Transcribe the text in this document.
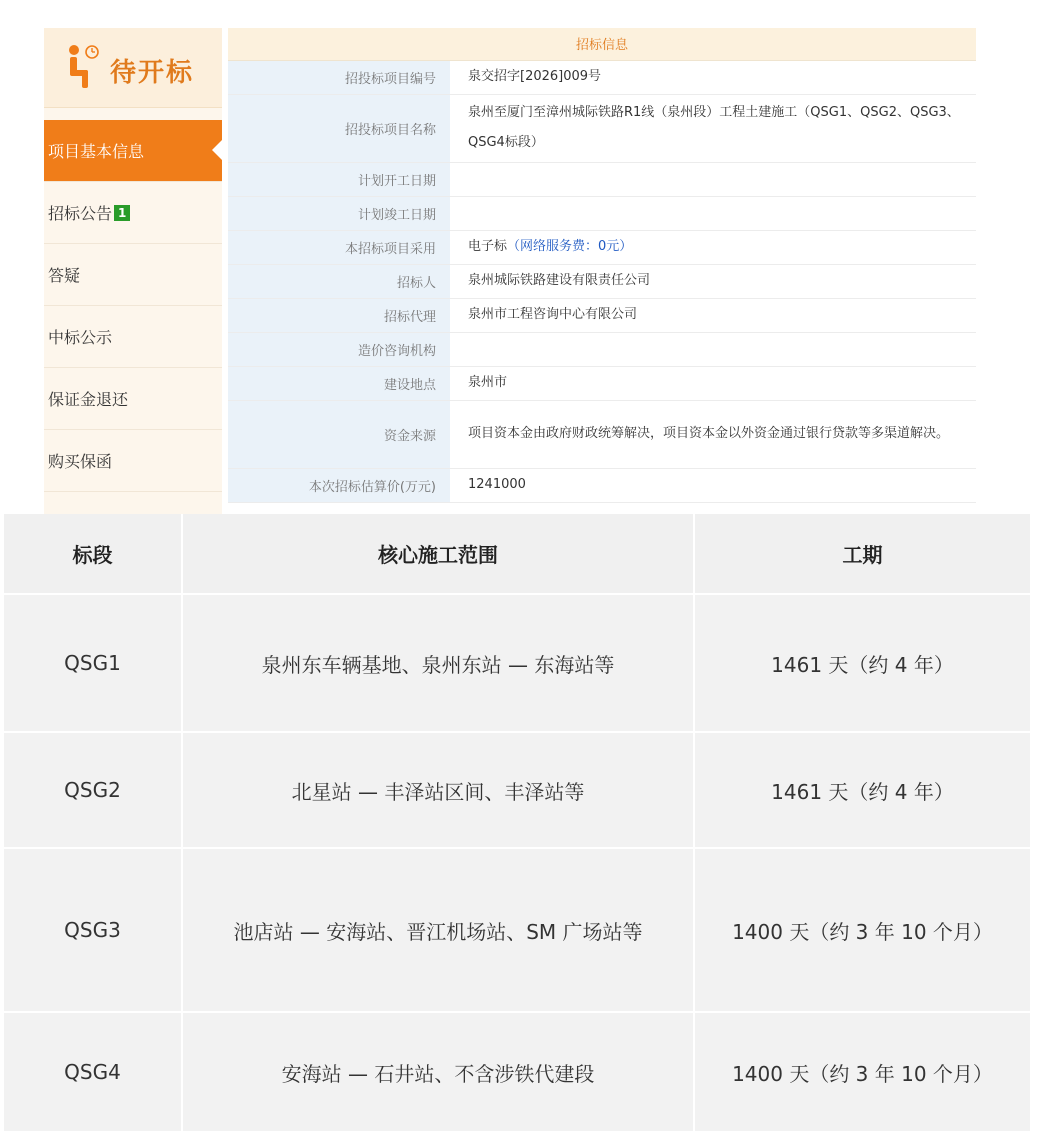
待开标
项目基本信息
招标公告 1
答疑
中标公示
保证金退还
购买保函
招标信息	
招投标项目编号	泉交招字[2026]009号
招投标项目名称	泉州至厦门至漳州城际铁路R1线（泉州段）工程土建施工（QSG1、QSG2、QSG3、QSG4标段）
计划开工日期	
计划竣工日期	
本招标项目采用	电子标（网络服务费：0元）
招标人	泉州城际铁路建设有限责任公司
招标代理	泉州市工程咨询中心有限公司
造价咨询机构	
建设地点	泉州市
资金来源	项目资本金由政府财政统筹解决，项目资本金以外资金通过银行贷款等多渠道解决。
本次招标估算价(万元)	1241000
标段	核心施工范围	工期
QSG1	泉州东车辆基地、泉州东站 — 东海站等	1461 天（约 4 年）
QSG2	北星站 — 丰泽站区间、丰泽站等	1461 天（约 4 年）
QSG3	池店站 — 安海站、晋江机场站、SM 广场站等	1400 天（约 3 年 10 个月）
QSG4	安海站 — 石井站、不含涉铁代建段	1400 天（约 3 年 10 个月）
